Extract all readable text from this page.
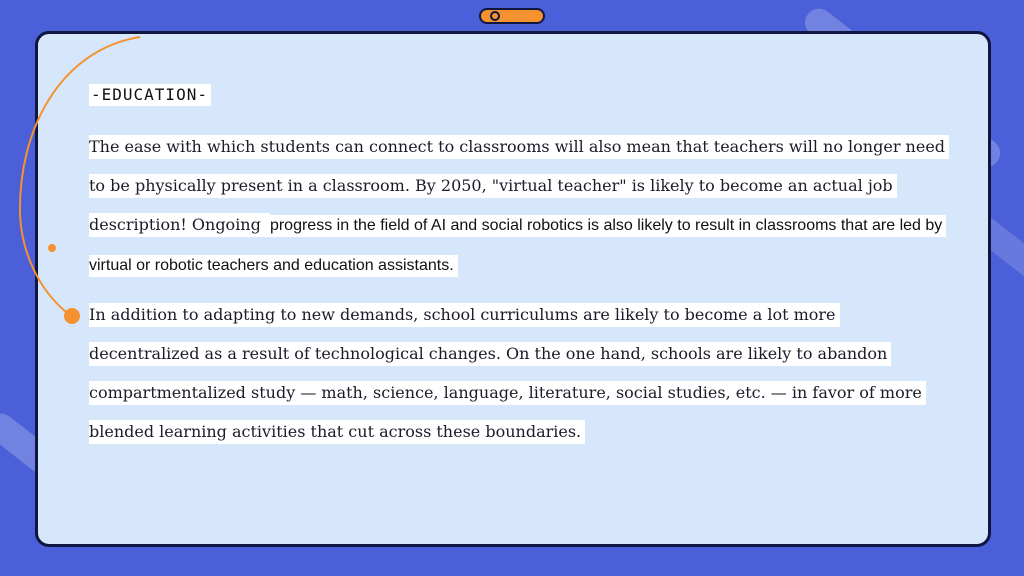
-EDUCATION-
The ease with which students can connect to classrooms will also mean that teachers will no longer need to be physically present in a classroom. By 2050, "virtual teacher" is likely to become an actual job description! Ongoing progress in the field of AI and social robotics is also likely to result in classrooms that are led by virtual or robotic teachers and education assistants.
In addition to adapting to new demands, school curriculums are likely to become a lot more decentralized as a result of technological changes. On the one hand, schools are likely to abandon compartmentalized study — math, science, language, literature, social studies, etc. — in favor of more blended learning activities that cut across these boundaries.
